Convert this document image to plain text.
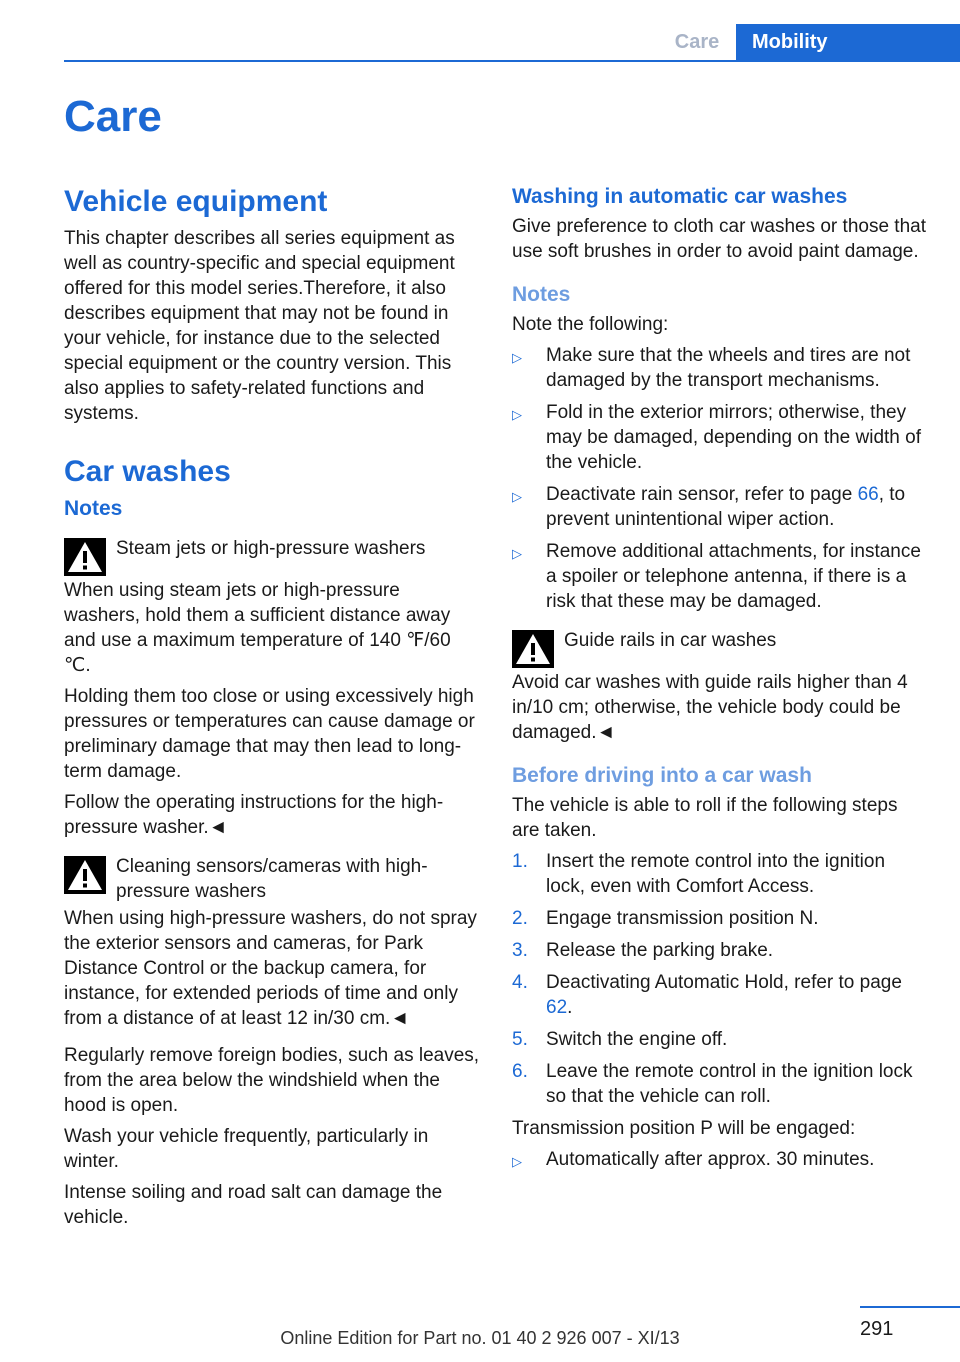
Care	Mobility
Care
Vehicle equipment

This chapter describes all series equipment as well as country-specific and special equipment offered for this model series.Therefore, it also describes equipment that may not be found in your vehicle, for instance due to the selected special equipment or the country version. This also applies to safety-related functions and systems.

Car washes
Notes
Steam jets or high-pressure washers

When using steam jets or high-pressure washers, hold them a sufficient distance away and use a maximum temperature of 140 ℉/60 ℃.

Holding them too close or using excessively high pressures or temperatures can cause damage or preliminary damage that may then lead to long-term damage.

Follow the operating instructions for the high-pressure washer.◄

Cleaning sensors/cameras with high-pressure washers

When using high-pressure washers, do not spray the exterior sensors and cameras, for Park Distance Control or the backup camera, for instance, for extended periods of time and only from a distance of at least 12 in/30 cm.◄

Regularly remove foreign bodies, such as leaves, from the area below the windshield when the hood is open.

Wash your vehicle frequently, particularly in winter.

Intense soiling and road salt can damage the vehicle.

Washing in automatic car washes

Give preference to cloth car washes or those that use soft brushes in order to avoid paint damage.

Notes

Note the following:

▷	Make sure that the wheels and tires are not damaged by the transport mechanisms.
▷	Fold in the exterior mirrors; otherwise, they may be damaged, depending on the width of the vehicle.
▷	Deactivate rain sensor, refer to page 66, to prevent unintentional wiper action.
▷	Remove additional attachments, for instance a spoiler or telephone antenna, if there is a risk that these may be damaged.
Guide rails in car washes

Avoid car washes with guide rails higher than 4 in/10 cm; otherwise, the vehicle body could be damaged.◄

Before driving into a car wash

The vehicle is able to roll if the following steps are taken.

1. Insert the remote control into the ignition lock, even with Comfort Access.
2. Engage transmission position N.
3. Release the parking brake.
4. Deactivating Automatic Hold, refer to page 62.
5. Switch the engine off.
6. Leave the remote control in the ignition lock so that the vehicle can roll.

Transmission position P will be engaged:

▷	Automatically after approx. 30 minutes.
291
Online Edition for Part no. 01 40 2 926 007 - XI/13
